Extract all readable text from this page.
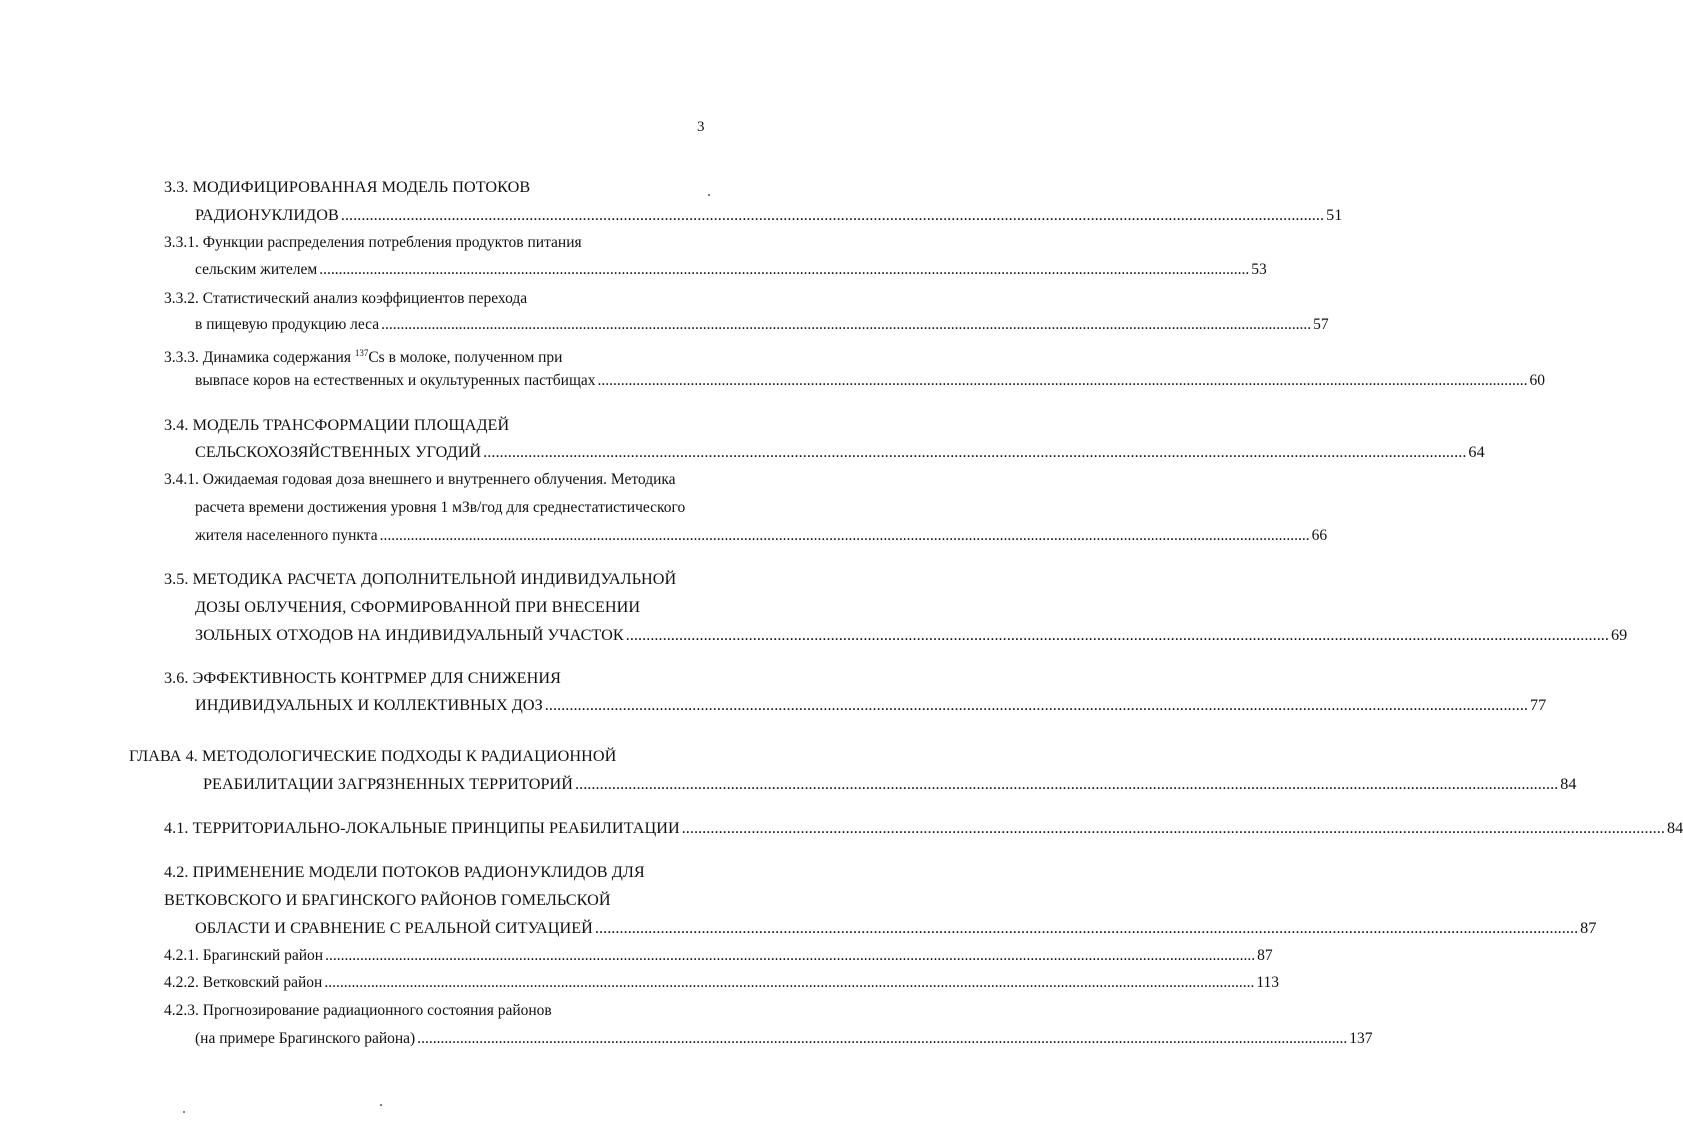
3
3.3. МОДИФИЦИРОВАННАЯ МОДЕЛЬ ПОТОКОВ
РАДИОНУКЛИДОВ ................................................................................................................................................................................................................................................ 51
3.3.1. Функции распределения потребления продуктов питания
сельским жителем ................................................................................................................................................................................................................................................ 53
3.3.2. Статистический анализ коэффициентов перехода
в пищевую продукцию леса ................................................................................................................................................................................................................................................ 57
3.3.3. Динамика содержания $^{137}$Cs в молоке, полученном при
вывпасе коров на естественных и окультуренных пастбищах ................................................................................................................................................................................................................................................ 60
3.4. МОДЕЛЬ ТРАНСФОРМАЦИИ ПЛОЩАДЕЙ
СЕЛЬСКОХОЗЯЙСТВЕННЫХ УГОДИЙ ................................................................................................................................................................................................................................................ 64
3.4.1. Ожидаемая годовая доза внешнего и внутреннего облучения. Методика
расчета времени достижения уровня 1 мЗв/год для среднестатистического
жителя населенного пункта ................................................................................................................................................................................................................................................ 66
3.5. МЕТОДИКА РАСЧЕТА ДОПОЛНИТЕЛЬНОЙ ИНДИВИДУАЛЬНОЙ
ДОЗЫ ОБЛУЧЕНИЯ, СФОРМИРОВАННОЙ ПРИ ВНЕСЕНИИ
ЗОЛЬНЫХ ОТХОДОВ НА ИНДИВИДУАЛЬНЫЙ УЧАСТОК ................................................................................................................................................................................................................................................ 69
3.6. ЭФФЕКТИВНОСТЬ КОНТРМЕР ДЛЯ СНИЖЕНИЯ
ИНДИВИДУАЛЬНЫХ И КОЛЛЕКТИВНЫХ ДОЗ ................................................................................................................................................................................................................................................ 77
ГЛАВА 4. МЕТОДОЛОГИЧЕСКИЕ ПОДХОДЫ К РАДИАЦИОННОЙ
РЕАБИЛИТАЦИИ ЗАГРЯЗНЕННЫХ ТЕРРИТОРИЙ ................................................................................................................................................................................................................................................ 84
4.1. ТЕРРИТОРИАЛЬНО-ЛОКАЛЬНЫЕ ПРИНЦИПЫ РЕАБИЛИТАЦИИ ................................................................................................................................................................................................................................................ 84
4.2. ПРИМЕНЕНИЕ МОДЕЛИ ПОТОКОВ РАДИОНУКЛИДОВ ДЛЯ
ВЕТКОВСКОГО И БРАГИНСКОГО РАЙОНОВ ГОМЕЛЬСКОЙ
ОБЛАСТИ И СРАВНЕНИЕ С РЕАЛЬНОЙ СИТУАЦИЕЙ ................................................................................................................................................................................................................................................ 87
4.2.1. Брагинский район ................................................................................................................................................................................................................................................ 87
4.2.2. Ветковский район ................................................................................................................................................................................................................................................ 113
4.2.3. Прогнозирование радиационного состояния районов
(на примере Брагинского района) ................................................................................................................................................................................................................................................ 137
